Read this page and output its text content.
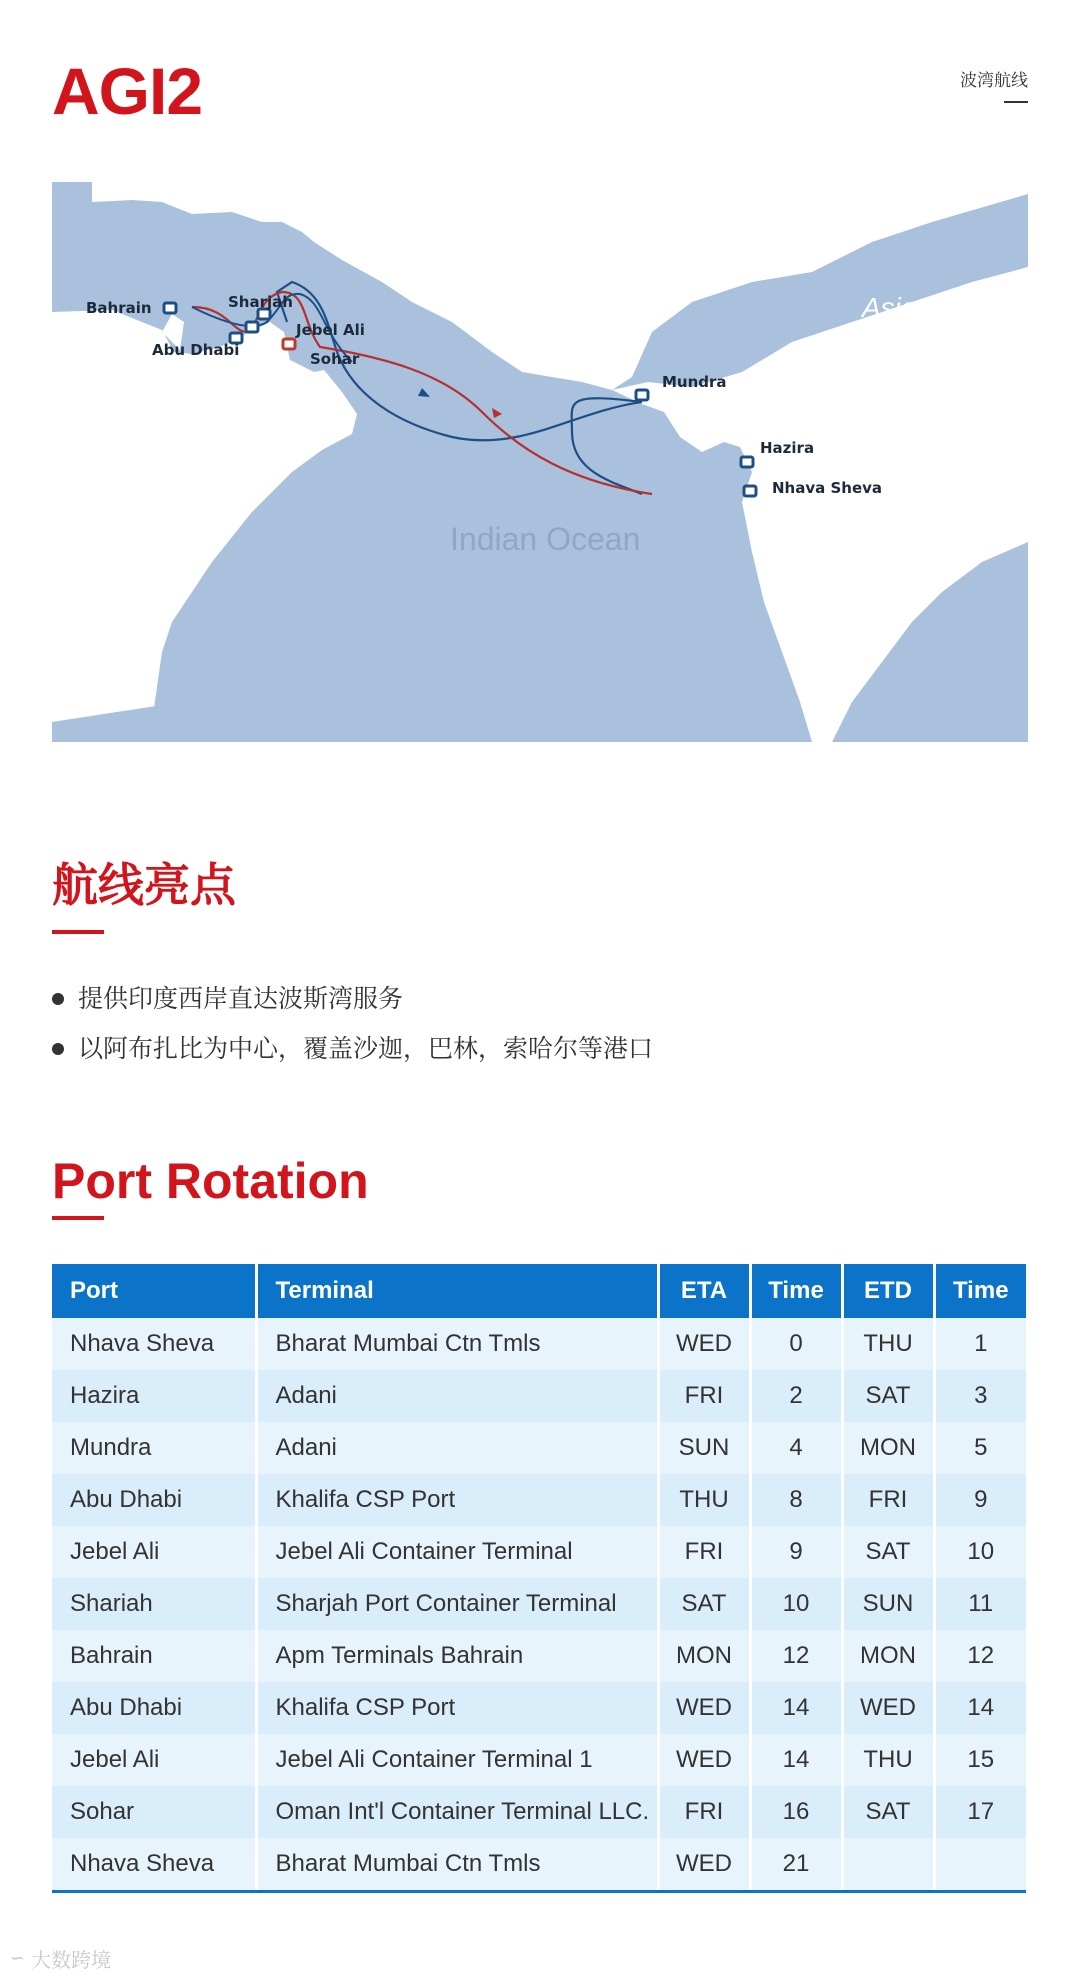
AGI2	波湾航线
Asia
Indian Ocean
Bahrain	Sharjah
Jebel Ali
Abu Dhabi	Sohar
Mundra
Hazira
Nhava Sheva
航线亮点
提供印度西岸直达波斯湾服务
以阿布扎比为中心，覆盖沙迦，巴林，索哈尔等港口
Port Rotation
Port	Terminal	ETA	Time	ETD	Time
Nhava Sheva	Bharat Mumbai Ctn Tmls	WED	0	THU	1
Hazira	Adani	FRI	2	SAT	3
Mundra	Adani	SUN	4	MON	5
Abu Dhabi	Khalifa CSP Port	THU	8	FRI	9
Jebel Ali	Jebel Ali Container Terminal	FRI	9	SAT	10
Shariah	Sharjah Port Container Terminal	SAT	10	SUN	11
Bahrain	Apm Terminals Bahrain	MON	12	MON	12
Abu Dhabi	Khalifa CSP Port	WED	14	WED	14
Jebel Ali	Jebel Ali Container Terminal 1	WED	14	THU	15
Sohar	Oman Int'l Container Terminal LLC.	FRI	16	SAT	17
Nhava Sheva	Bharat Mumbai Ctn Tmls	WED	21		
∽ 大数跨境
